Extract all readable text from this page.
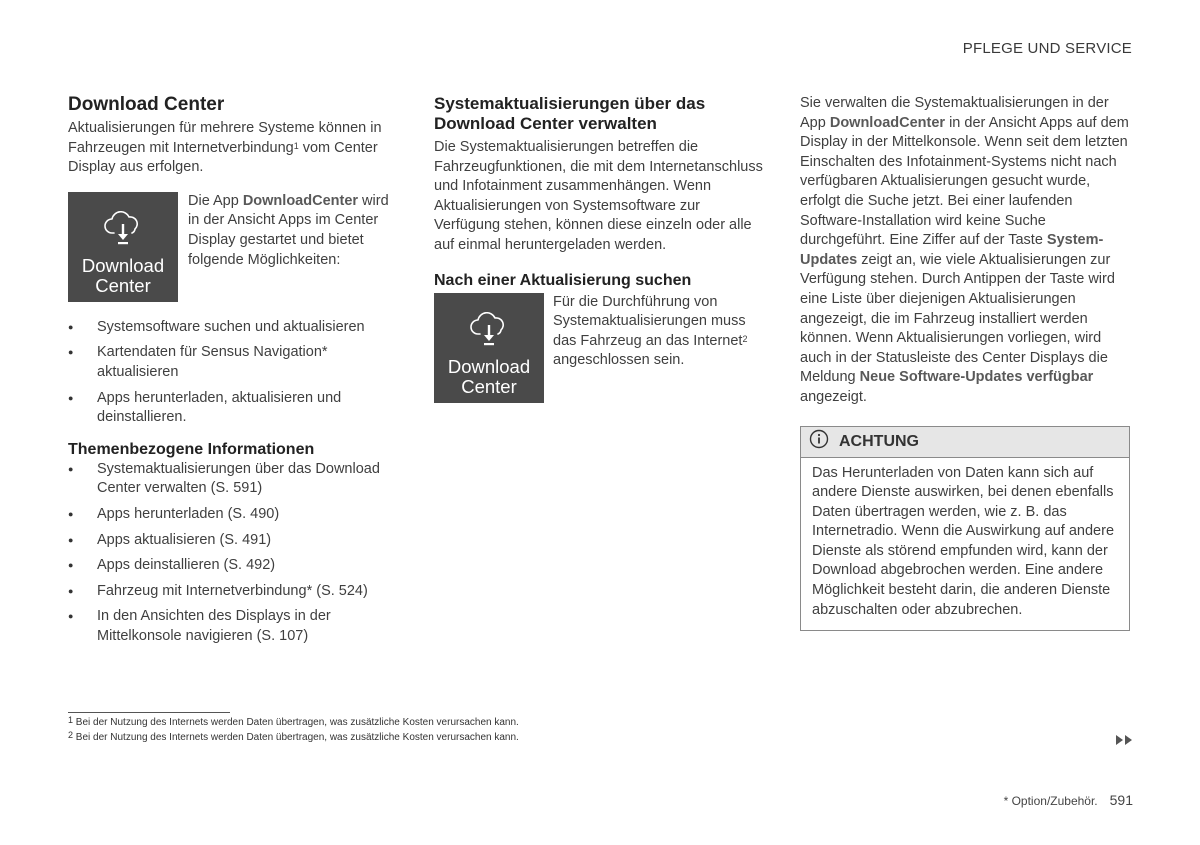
PFLEGE UND SERVICE
Download Center

Aktualisierungen für mehrere Systeme können in Fahrzeugen mit Internetverbindung$^1$ vom Center Display aus erfolgen.

Download
Center

Die App DownloadCenter wird in der Ansicht Apps im Center Display gestartet und bietet folgende Möglichkeiten:

● Systemsoftware suchen und aktualisieren
● Kartendaten für Sensus Navigation* aktualisieren
● Apps herunterladen, aktualisieren und deinstallieren.
Themenbezogene Informationen
● Systemaktualisierungen über das Download Center verwalten (S. 591)
● Apps herunterladen (S. 490)
● Apps aktualisieren (S. 491)
● Apps deinstallieren (S. 492)
● Fahrzeug mit Internetverbindung* (S. 524)
● In den Ansichten des Displays in der Mittelkonsole navigieren (S. 107)
Systemaktualisierungen über das Download Center verwalten

Die Systemaktualisierungen betreffen die Fahrzeugfunktionen, die mit dem Internetanschluss und Infotainment zusammenhängen. Wenn Aktualisierungen von Systemsoftware zur Verfügung stehen, können diese einzeln oder alle auf einmal heruntergeladen werden.

Nach einer Aktualisierung suchen
Download
Center

Für die Durchführung von Systemaktualisierungen muss das Fahrzeug an das Internet$^2$ angeschlossen sein.

Sie verwalten die Systemaktualisierungen in der App DownloadCenter in der Ansicht Apps auf dem Display in der Mittelkonsole. Wenn seit dem letzten Einschalten des Infotainment-Systems nicht nach verfügbaren Aktualisierungen gesucht wurde, erfolgt die Suche jetzt. Bei einer laufenden Software-Installation wird keine Suche durchgeführt. Eine Ziffer auf der Taste System-Updates zeigt an, wie viele Aktualisierungen zur Verfügung stehen. Durch Antippen der Taste wird eine Liste über diejenigen Aktualisierungen angezeigt, die im Fahrzeug installiert werden können. Wenn Aktualisierungen vorliegen, wird auch in der Statusleiste des Center Displays die Meldung Neue Software-Updates verfügbar angezeigt.

ACHTUNG

Das Herunterladen von Daten kann sich auf andere Dienste auswirken, bei denen ebenfalls Daten übertragen werden, wie z. B. das Internetradio. Wenn die Auswirkung auf andere Dienste als störend empfunden wird, kann der Download abgebrochen werden. Eine andere Möglichkeit besteht darin, die anderen Dienste abzuschalten oder abzubrechen.

$^1$ Bei der Nutzung des Internets werden Daten übertragen, was zusätzliche Kosten verursachen kann.
$^2$ Bei der Nutzung des Internets werden Daten übertragen, was zusätzliche Kosten verursachen kann.
* Option/Zubehör. 591
